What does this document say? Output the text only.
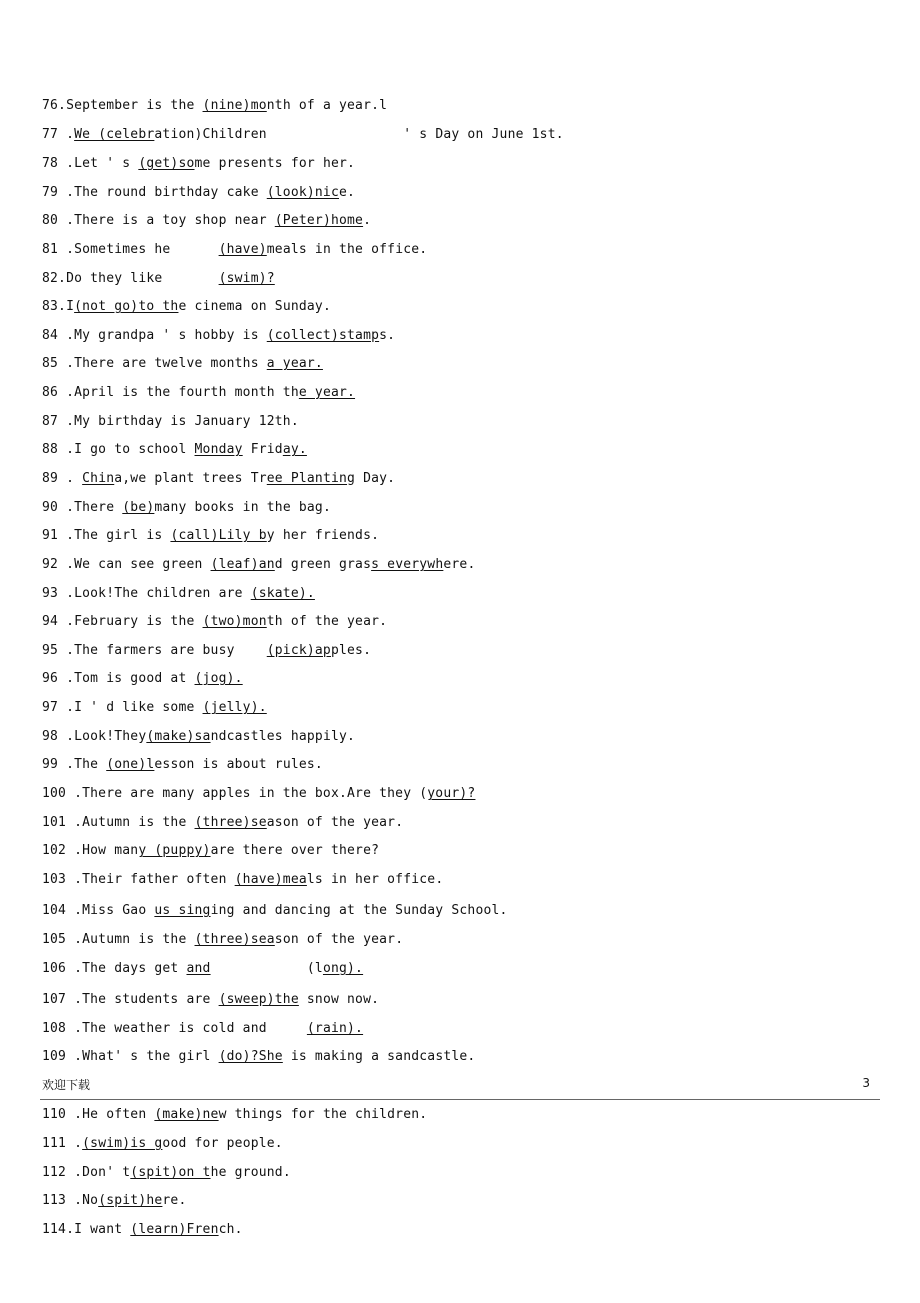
欢迎下载	3
76.September is the (nine)month of a year.l
77 .We (celebration)Children                 ' s Day on June 1st.
78 .Let ' s (get)some presents for her.
79 .The round birthday cake (look)nice.
80 .There is a toy shop near (Peter)home.
81 .Sometimes he      (have)meals in the office.
82.Do they like       (swim)?
83.I(not go)to the cinema on Sunday.
84 .My grandpa ' s hobby is (collect)stamps.
85 .There are twelve months a year.
86 .April is the fourth month the year.
87 .My birthday is January 12th.
88 .I go to school Monday Friday.
89 . China,we plant trees Tree Planting Day.
90 .There (be)many books in the bag.
91 .The girl is (call)Lily by her friends.
92 .We can see green (leaf)and green grass everywhere.
93 .Look!The children are (skate).
94 .February is the (two)month of the year.
95 .The farmers are busy    (pick)apples.
96 .Tom is good at (jog).
97 .I ' d like some (jelly).
98 .Look!They(make)sandcastles happily.
99 .The (one)lesson is about rules.
100 .There are many apples in the box.Are they (your)?
101 .Autumn is the (three)season of the year.
102 .How many (puppy)are there over there?
103 .Their father often (have)meals in her office.
104 .Miss Gao us singing and dancing at the Sunday School.
105 .Autumn is the (three)season of the year.
106 .The days get and            (long).
107 .The students are (sweep)the snow now.
108 .The weather is cold and     (rain).
109 .What' s the girl (do)?She is making a sandcastle.
110 .He often (make)new things for the children.
111 .(swim)is good for people.
112 .Don' t(spit)on the ground.
113 .No(spit)here.
114.I want (learn)French.
